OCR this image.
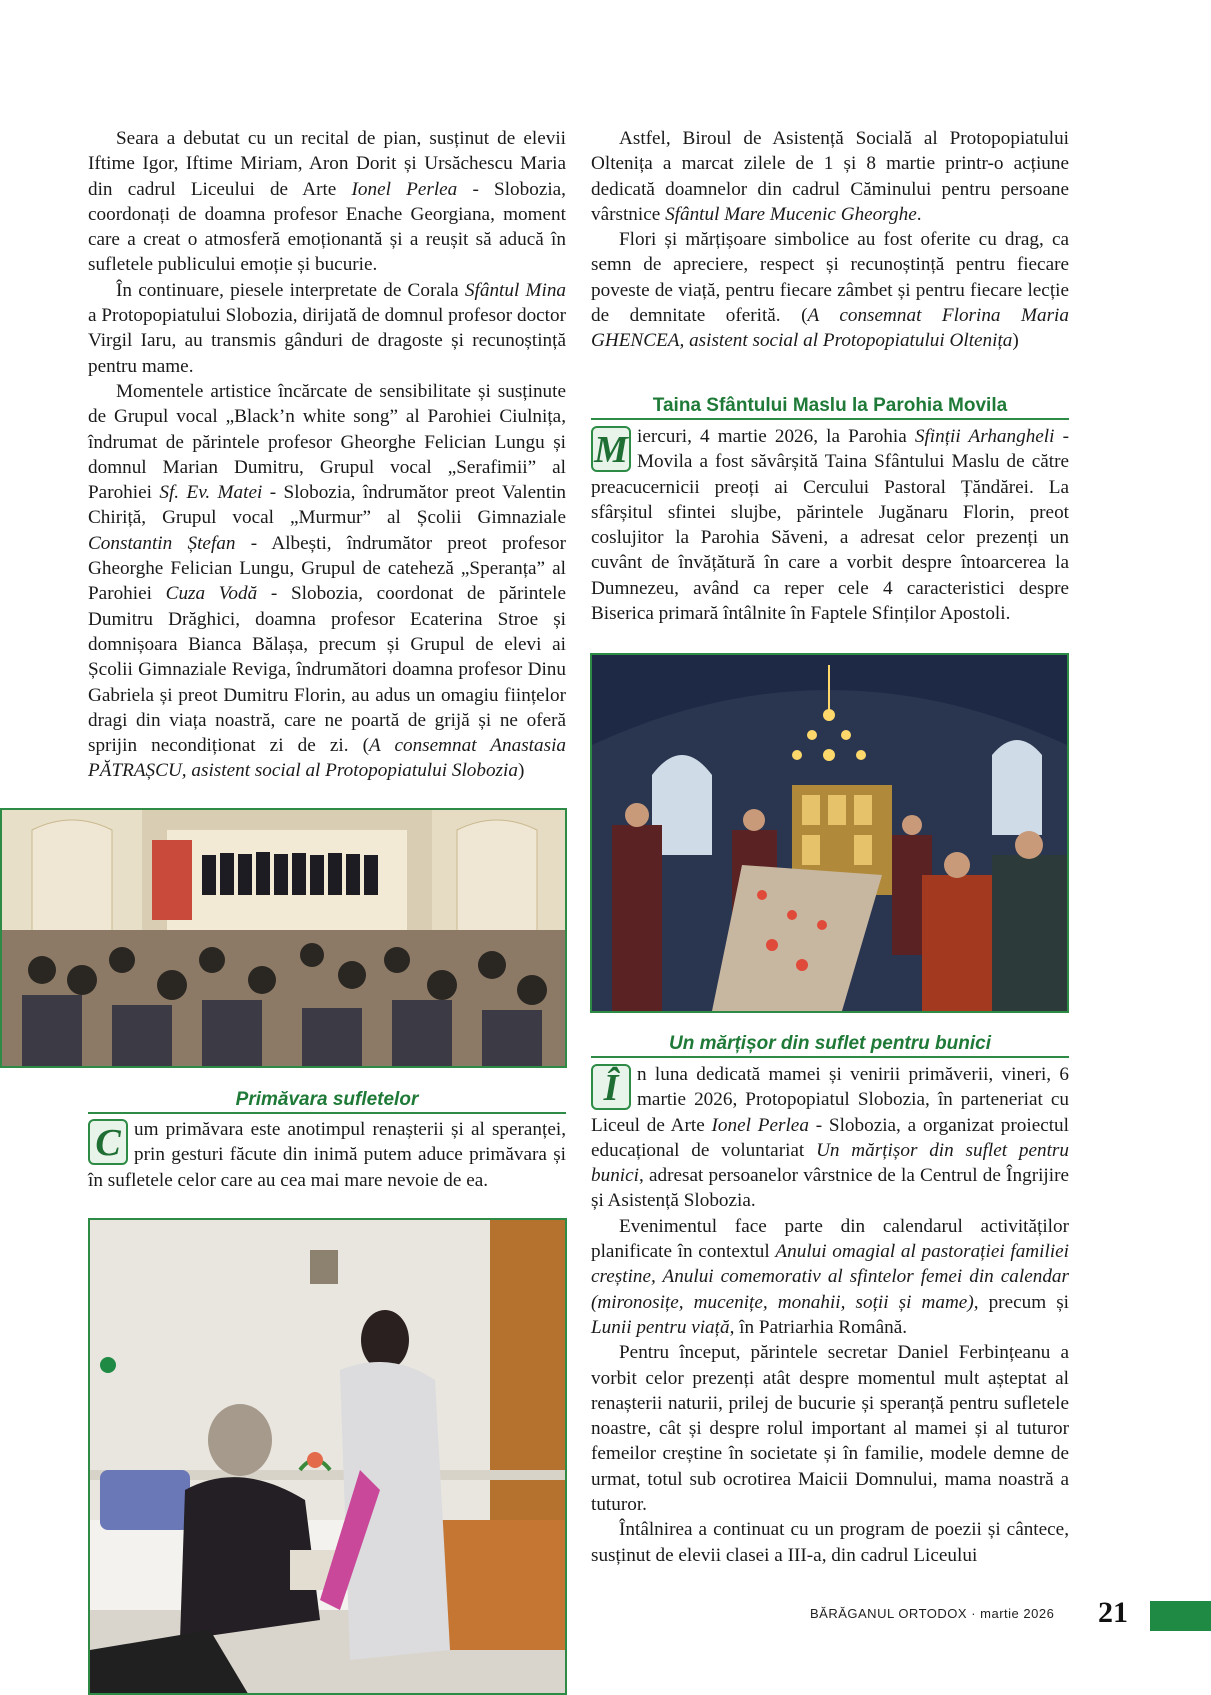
Seara a debutat cu un recital de pian, susținut de elevii Iftime Igor, Iftime Miriam, Aron Dorit și Ursăchescu Maria din cadrul Liceului de Arte Ionel Perlea - Slobozia, coordonați de doamna profesor Enache Georgiana, moment care a creat o atmosferă emoționantă și a reușit să aducă în sufletele publicului emoție și bucurie.

În continuare, piesele interpretate de Corala Sfântul Mina a Protopopiatului Slobozia, dirijată de domnul profesor doctor Virgil Iaru, au transmis gânduri de dragoste și recunoștință pentru mame.

Momentele artistice încărcate de sensibilitate și susținute de Grupul vocal „Black’n white song” al Parohiei Ciulnița, îndrumat de părintele profesor Gheorghe Felician Lungu și domnul Marian Dumitru, Grupul vocal „Serafimii” al Parohiei Sf. Ev. Matei - Slobozia, îndrumător preot Valentin Chiriță, Grupul vocal „Murmur” al Școlii Gimnaziale Constantin Ștefan - Albești, îndrumător preot profesor Gheorghe Felician Lungu, Grupul de cateheză „Speranța” al Parohiei Cuza Vodă - Slobozia, coordonat de părintele Dumitru Drăghici, doamna profesor Ecaterina Stroe și domnișoara Bianca Bălașa, precum și Grupul de elevi ai Școlii Gimnaziale Reviga, îndrumători doamna profesor Dinu Gabriela și preot Dumitru Florin, au adus un omagiu ființelor dragi din viața noastră, care ne poartă de grijă și ne oferă sprijin necondiționat zi de zi. (A consemnat Anastasia PĂTRAȘCU, asistent social al Protopopiatului Slobozia)

Primăvara sufletelor

C um primăvara este anotimpul renașterii și al speranței, prin gesturi făcute din inimă putem aduce primăvara și în sufletele celor care au cea mai mare nevoie de ea.

Astfel, Biroul de Asistență Socială al Protopopiatului Oltenița a marcat zilele de 1 și 8 martie printr-o acțiune dedicată doamnelor din cadrul Căminului pentru persoane vârstnice Sfântul Mare Mucenic Gheorghe.

Flori și mărțișoare simbolice au fost oferite cu drag, ca semn de apreciere, respect și recunoștință pentru fiecare poveste de viață, pentru fiecare zâmbet și pentru fiecare lecție de demnitate oferită. (A consemnat Florina Maria GHENCEA, asistent social al Protopopiatului Oltenița)

Taina Sfântului Maslu la Parohia Movila

M iercuri, 4 martie 2026, la Parohia Sfinții Arhangheli - Movila a fost săvârșită Taina Sfântului Maslu de către preacucernicii preoți ai Cercului Pastoral Țăndărei. La sfârșitul sfintei slujbe, părintele Jugănaru Florin, preot coslujitor la Parohia Săveni, a adresat celor prezenți un cuvânt de învățătură în care a vorbit despre întoarcerea la Dumnezeu, având ca reper cele 4 caracteristici despre Biserica primară întâlnite în Faptele Sfinților Apostoli.

Un mărțișor din suflet pentru bunici

Î n luna dedicată mamei și venirii primăverii, vineri, 6 martie 2026, Protopopiatul Slobozia, în parteneriat cu Liceul de Arte Ionel Perlea - Slobozia, a organizat proiectul educațional de voluntariat Un mărțișor din suflet pentru bunici, adresat persoanelor vârstnice de la Centrul de Îngrijire și Asistență Slobozia.

Evenimentul face parte din calendarul activităților planificate în contextul Anului omagial al pastorației familiei creștine, Anului comemorativ al sfintelor femei din calendar (mironosițe, mucenițe, monahii, soții și mame), precum și Lunii pentru viață, în Patriarhia Română.

Pentru început, părintele secretar Daniel Ferbințeanu a vorbit celor prezenți atât despre momentul mult așteptat al renașterii naturii, prilej de bucurie și speranță pentru sufletele noastre, cât și despre rolul important al mamei și al tuturor femeilor creștine în societate și în familie, modele demne de urmat, totul sub ocrotirea Maicii Domnului, mama noastră a tuturor.

Întâlnirea a continuat cu un program de poezii și cântece, susținut de elevii clasei a III-a, din cadrul Liceului

BĂRĂGANUL ORTODOX · martie 2026	21
